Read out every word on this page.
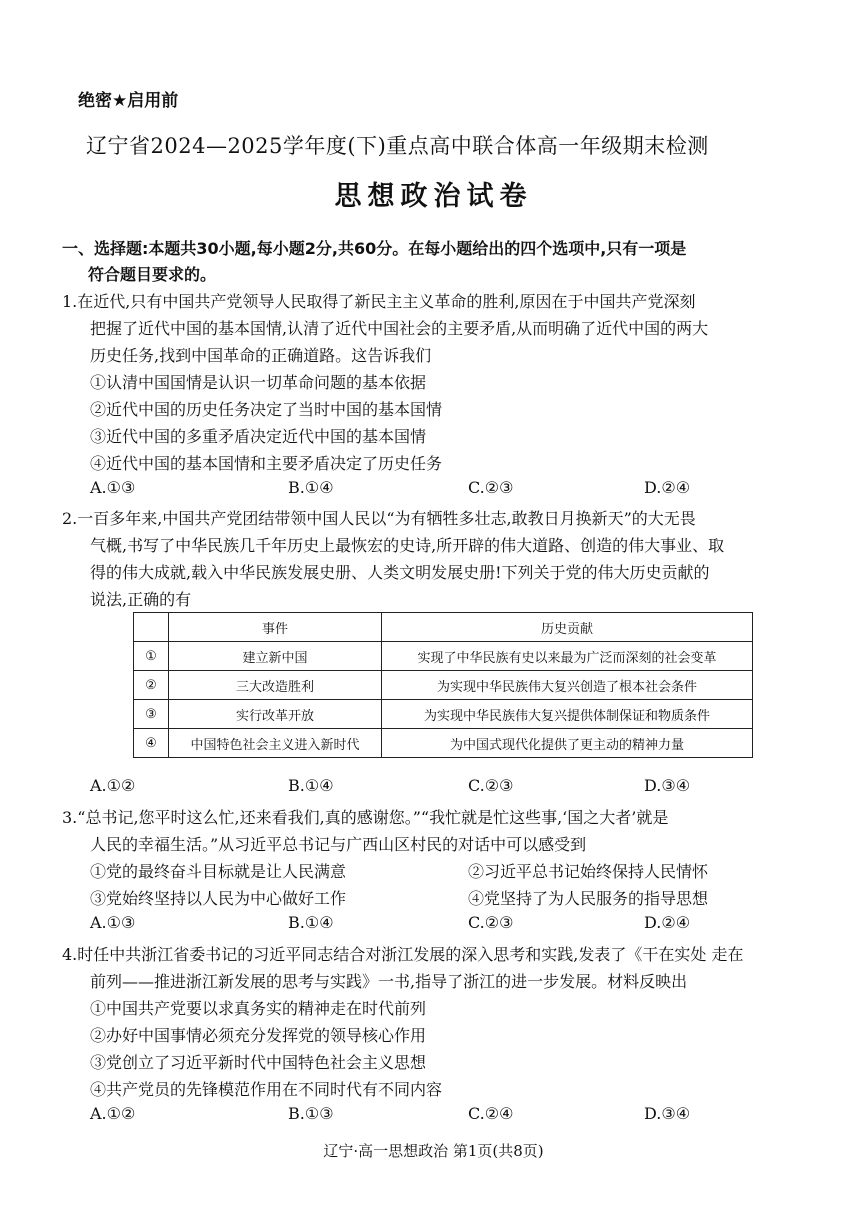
绝密★启用前
辽宁省2024—2025学年度(下)重点高中联合体高一年级期末检测
思想政治试卷
一、选择题:本题共30小题,每小题2分,共60分。在每小题给出的四个选项中,只有一项是
符合题目要求的。
1.在近代,只有中国共产党领导人民取得了新民主主义革命的胜利,原因在于中国共产党深刻
把握了近代中国的基本国情,认清了近代中国社会的主要矛盾,从而明确了近代中国的两大
历史任务,找到中国革命的正确道路。这告诉我们
①认清中国国情是认识一切革命问题的基本依据
②近代中国的历史任务决定了当时中国的基本国情
③近代中国的多重矛盾决定近代中国的基本国情
④近代中国的基本国情和主要矛盾决定了历史任务
A.①③	B.①④	C.②③	D.②④
2.一百多年来,中国共产党团结带领中国人民以“为有牺牲多壮志,敢教日月换新天”的大无畏
气概,书写了中华民族几千年历史上最恢宏的史诗,所开辟的伟大道路、创造的伟大事业、取
得的伟大成就,载入中华民族发展史册、人类文明发展史册!下列关于党的伟大历史贡献的
说法,正确的有
	事件	历史贡献
①	建立新中国	实现了中华民族有史以来最为广泛而深刻的社会变革
②	三大改造胜利	为实现中华民族伟大复兴创造了根本社会条件
③	实行改革开放	为实现中华民族伟大复兴提供体制保证和物质条件
④	中国特色社会主义进入新时代	为中国式现代化提供了更主动的精神力量
A.①②	B.①④	C.②③	D.③④
3.“总书记,您平时这么忙,还来看我们,真的感谢您。”“我忙就是忙这些事,‘国之大者’就是
人民的幸福生活。”从习近平总书记与广西山区村民的对话中可以感受到
①党的最终奋斗目标就是让人民满意	②习近平总书记始终保持人民情怀
③党始终坚持以人民为中心做好工作	④党坚持了为人民服务的指导思想
A.①③	B.①④	C.②③	D.②④
4.时任中共浙江省委书记的习近平同志结合对浙江发展的深入思考和实践,发表了《干在实处 走在
前列——推进浙江新发展的思考与实践》一书,指导了浙江的进一步发展。材料反映出
①中国共产党要以求真务实的精神走在时代前列
②办好中国事情必须充分发挥党的领导核心作用
③党创立了习近平新时代中国特色社会主义思想
④共产党员的先锋模范作用在不同时代有不同内容
A.①②	B.①③	C.②④	D.③④
辽宁·高一思想政治 第1页(共8页)
